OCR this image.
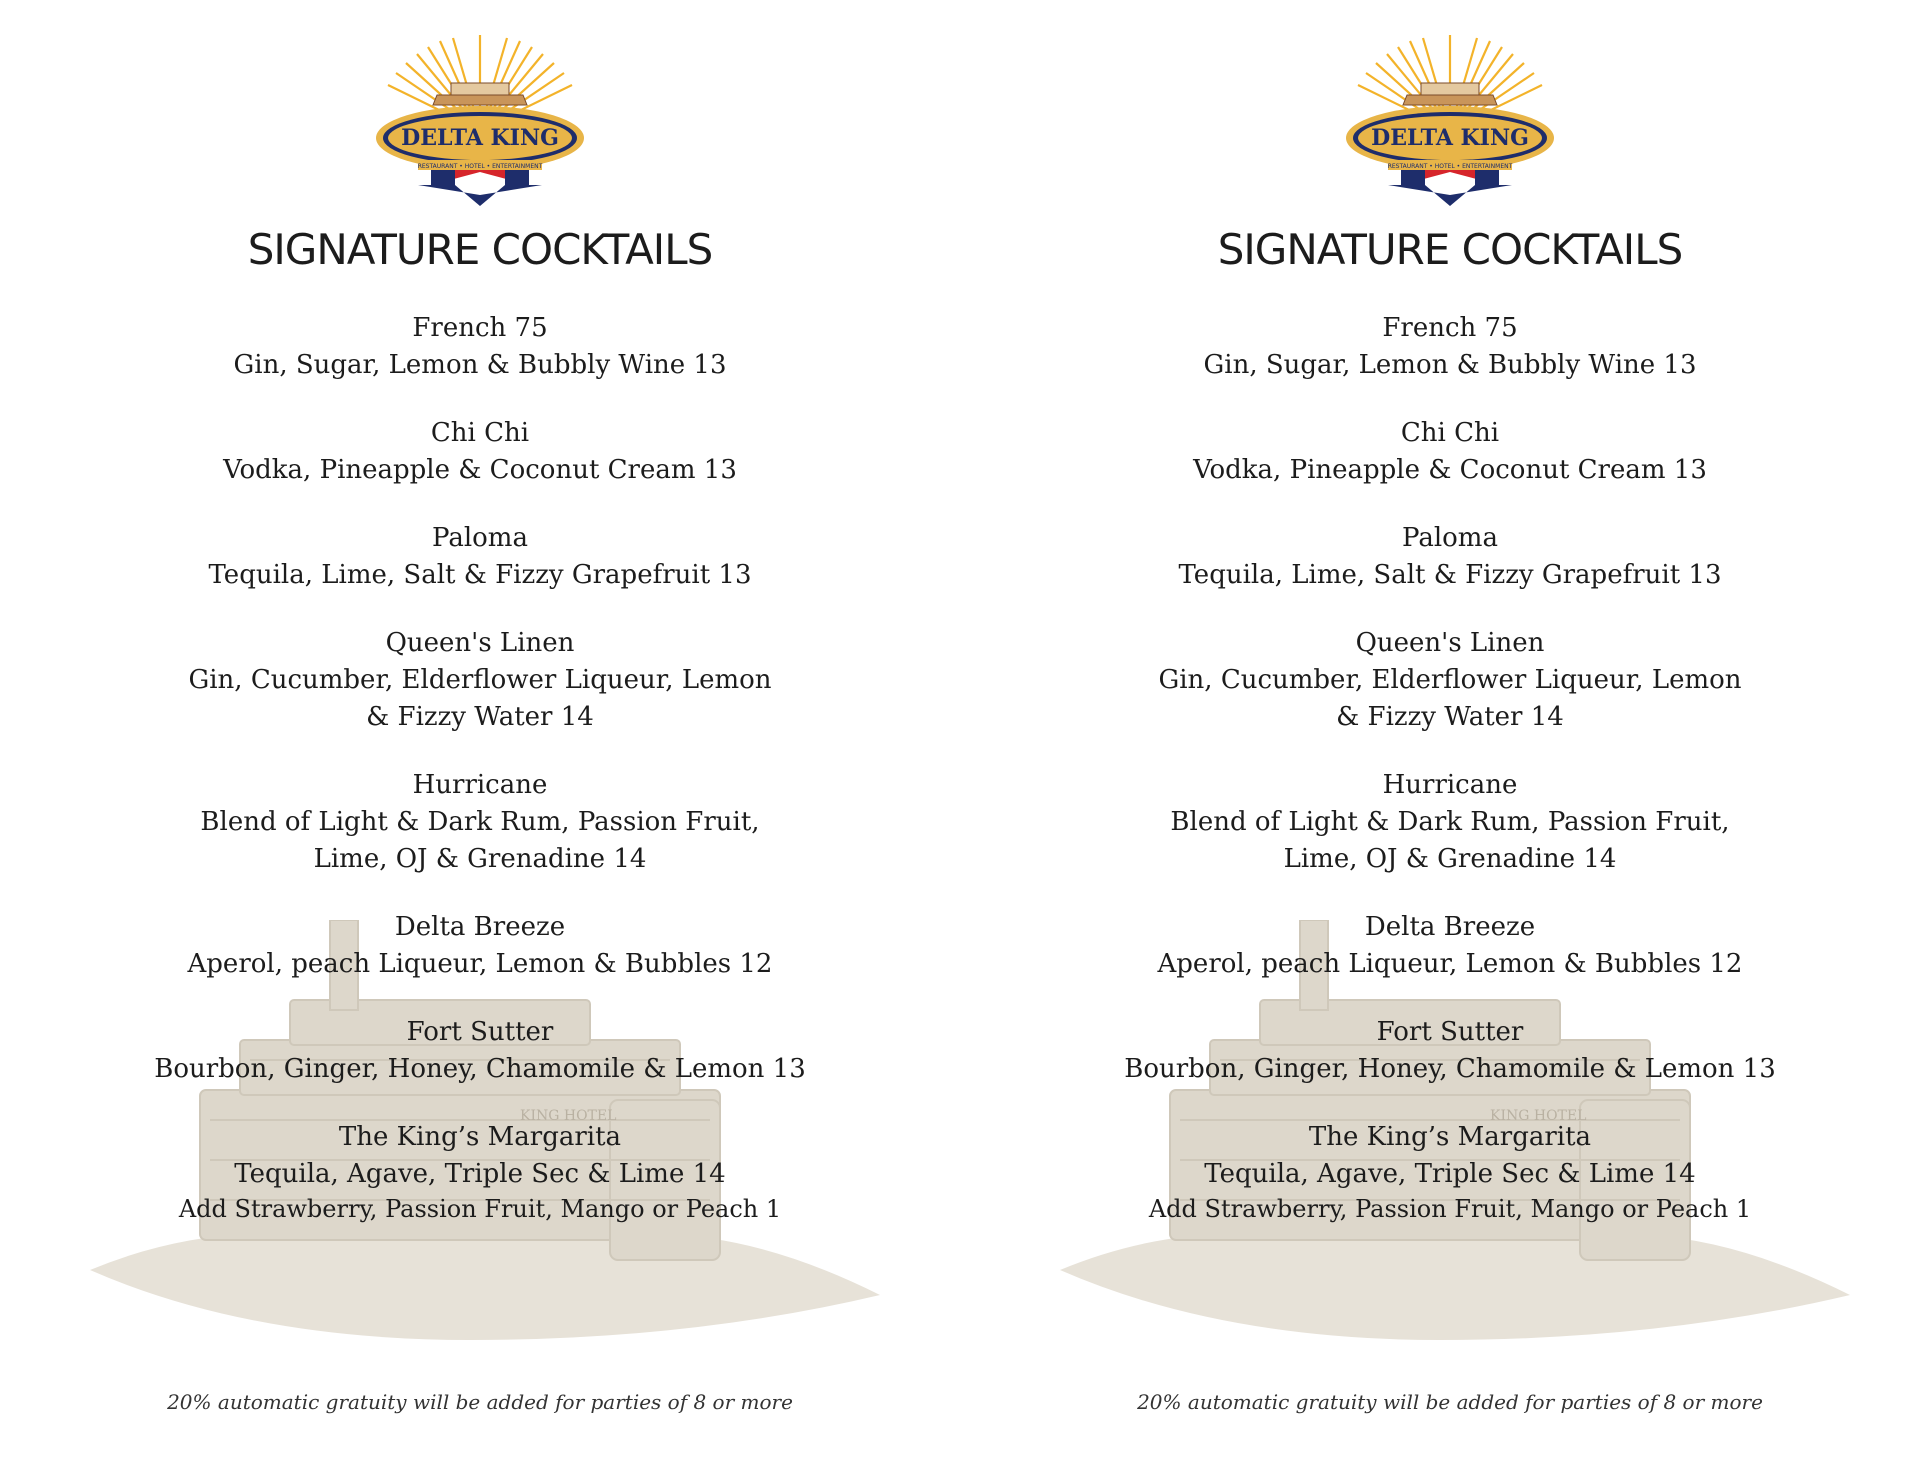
KING HOTEL
DELTA KING
RESTAURANT • HOTEL • ENTERTAINMENT
SIGNATURE COCKTAILS
French 75
Gin, Sugar, Lemon & Bubbly Wine 13
Chi Chi
Vodka, Pineapple & Coconut Cream 13
Paloma
Tequila, Lime, Salt & Fizzy Grapefruit 13
Queen's Linen
Gin, Cucumber, Elderflower Liqueur, Lemon
& Fizzy Water 14
Hurricane
Blend of Light & Dark Rum, Passion Fruit,
Lime, OJ & Grenadine 14
Delta Breeze
Aperol, peach Liqueur, Lemon & Bubbles 12
Fort Sutter
Bourbon, Ginger, Honey, Chamomile & Lemon 13
The King’s Margarita
Tequila, Agave, Triple Sec & Lime 14
Add Strawberry, Passion Fruit, Mango or Peach 1
20% automatic gratuity will be added for parties of 8 or more
KING HOTEL
DELTA KING
RESTAURANT • HOTEL • ENTERTAINMENT
SIGNATURE COCKTAILS
French 75
Gin, Sugar, Lemon & Bubbly Wine 13
Chi Chi
Vodka, Pineapple & Coconut Cream 13
Paloma
Tequila, Lime, Salt & Fizzy Grapefruit 13
Queen's Linen
Gin, Cucumber, Elderflower Liqueur, Lemon
& Fizzy Water 14
Hurricane
Blend of Light & Dark Rum, Passion Fruit,
Lime, OJ & Grenadine 14
Delta Breeze
Aperol, peach Liqueur, Lemon & Bubbles 12
Fort Sutter
Bourbon, Ginger, Honey, Chamomile & Lemon 13
The King’s Margarita
Tequila, Agave, Triple Sec & Lime 14
Add Strawberry, Passion Fruit, Mango or Peach 1
20% automatic gratuity will be added for parties of 8 or more
